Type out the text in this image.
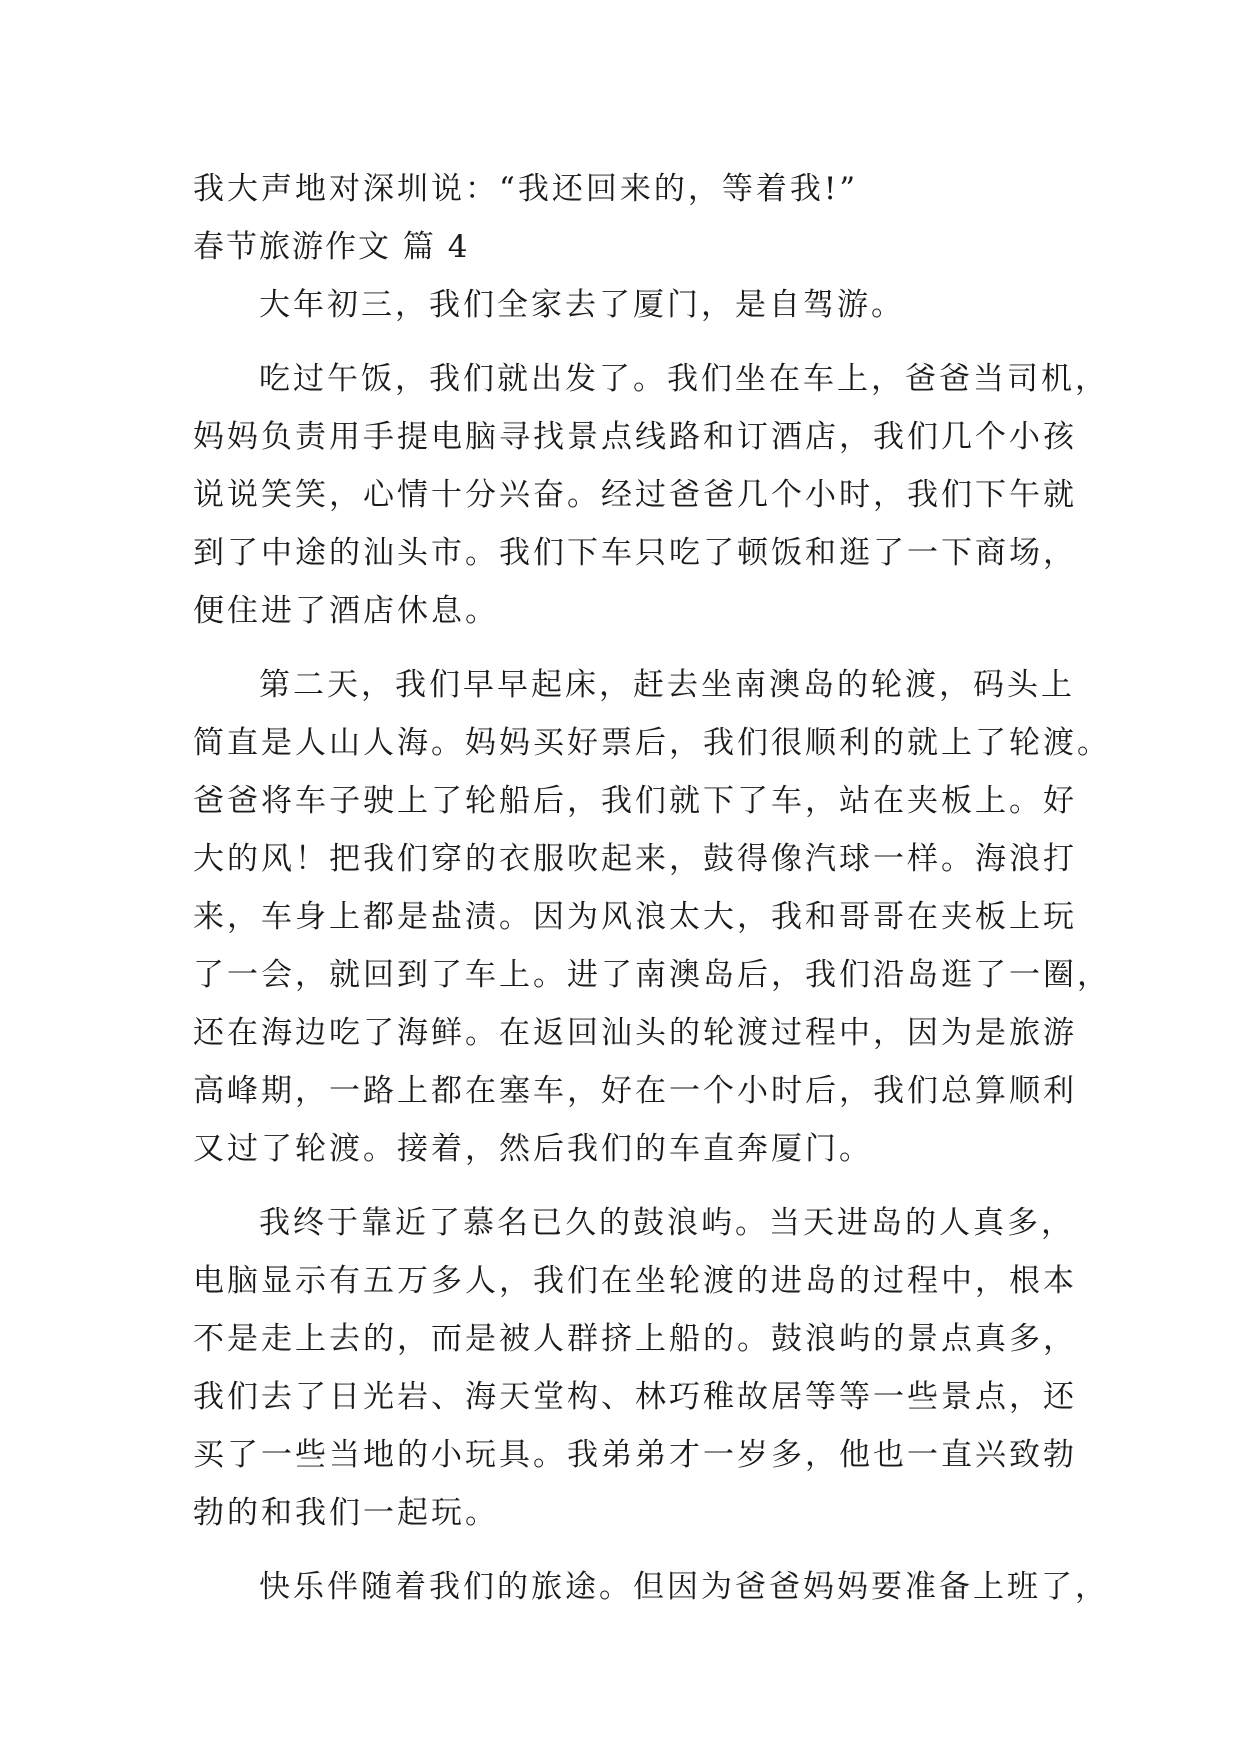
我大声地对深圳说：“我还回来的，等着我!”
春节旅游作文 篇 4
大年初三，我们全家去了厦门，是自驾游。
吃过午饭，我们就出发了。我们坐在车上，爸爸当司机，
妈妈负责用手提电脑寻找景点线路和订酒店，我们几个小孩
说说笑笑，心情十分兴奋。经过爸爸几个小时，我们下午就
到了中途的汕头市。我们下车只吃了顿饭和逛了一下商场，
便住进了酒店休息。
第二天，我们早早起床，赶去坐南澳岛的轮渡，码头上
简直是人山人海。妈妈买好票后，我们很顺利的就上了轮渡。
爸爸将车子驶上了轮船后，我们就下了车，站在夹板上。好
大的风！把我们穿的衣服吹起来，鼓得像汽球一样。海浪打
来，车身上都是盐渍。因为风浪太大，我和哥哥在夹板上玩
了一会，就回到了车上。进了南澳岛后，我们沿岛逛了一圈，
还在海边吃了海鲜。在返回汕头的轮渡过程中，因为是旅游
高峰期，一路上都在塞车，好在一个小时后，我们总算顺利
又过了轮渡。接着，然后我们的车直奔厦门。
我终于靠近了慕名已久的鼓浪屿。当天进岛的人真多，
电脑显示有五万多人，我们在坐轮渡的进岛的过程中，根本
不是走上去的，而是被人群挤上船的。鼓浪屿的景点真多，
我们去了日光岩、海天堂构、林巧稚故居等等一些景点，还
买了一些当地的小玩具。我弟弟才一岁多，他也一直兴致勃
勃的和我们一起玩。
快乐伴随着我们的旅途。但因为爸爸妈妈要准备上班了，
